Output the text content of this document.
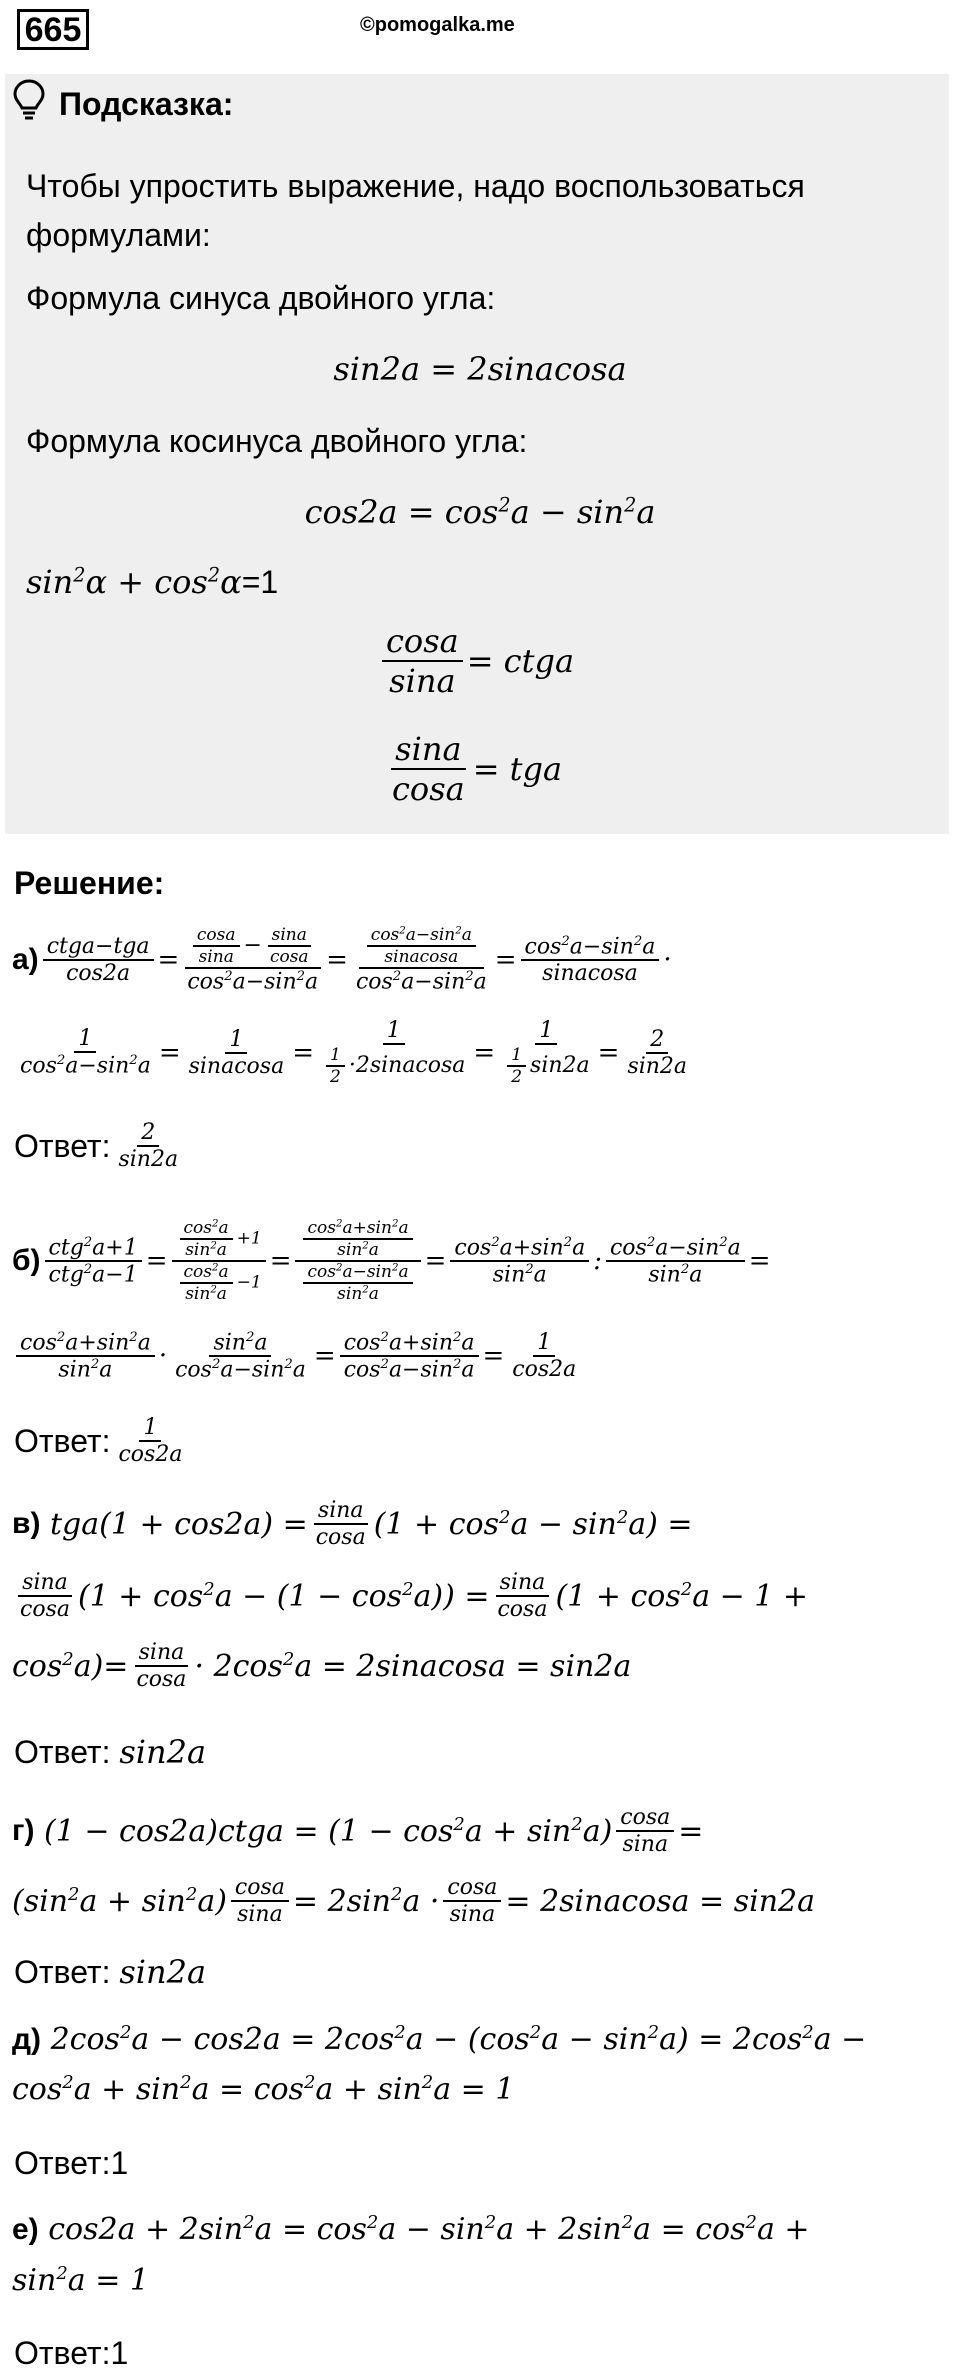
665	©pomogalka.me
Подсказка:
Чтобы упростить выражение, надо воспользоваться
формулами:
Формула синуса двойного угла:
sin2a = 2sinacosa
Формула косинуса двойного угла:
$\cos 2a = \cos^2a - \sin^2a$
$\sin^2\alpha + \cos^2\alpha=1$
$\frac{\cos a}{\sin a}$ = ctga
$\frac{\sin a}{\cos a}$ = tga
Решение:
$а) \frac{\text{ctga−tga}}{\cos 2a} = \frac{\frac{\cos a}{\sin a} - \frac{\sin a}{\cos a}}{\cos^2a-\sin^2a} = \frac{\frac{\cos^2a-\sin^2a}{\text{sinacosa}}}{\cos^2a-\sin^2a} = \frac{\cos^2a-\sin^2a}{\text{sinacosa}}$ ·
$\frac{1}{\cos^2a-\sin^2a} = \frac{1}{\text{sinacosa}} = \frac{1}{\frac{1}{2} \cdot 2sinacosa} = \frac{1}{\frac{1}{2} \sin 2a} = \frac{2}{\sin 2a}$
Ответ: $\frac{2}{\sin 2a}$
$б) \frac{ctg^2a+1}{ctg^2a-1} = \frac{\frac{\cos^2a}{\sin^2a} +1}{\frac{\cos^2a}{\sin^2a} -1} = \frac{\frac{\cos^2a+\sin^2a}{\sin^2a}}{\frac{\cos^2a-\sin^2a}{\sin^2a}} = \frac{\cos^2a+\sin^2a}{\sin^2a}$ : $\frac{\cos^2a-\sin^2a}{\sin^2a}$ =
$\frac{\cos^2a+\sin^2a}{\sin^2a} \cdot \frac{\sin^2a}{\cos^2a-\sin^2a} = \frac{\cos^2a+\sin^2a}{\cos^2a-\sin^2a} = \frac{1}{\cos 2a}$
Ответ: $\frac{1}{\cos 2a}$
в) $tga(1 + \cos 2a) = \frac{\sin a}{\cos a} (1 + \cos^2a - \sin^2a)$ =
$\frac{\sin a}{\cos a} (1 + \cos^2a - (1 - \cos^2a)) = \frac{\sin a}{\cos a} (1 + \cos^2a - 1$ +
$\cos^2a)= \frac{\sin a}{\cos a} \cdot 2\cos^2a$ = 2sinacosa = sin2a
Ответ:
sin2a
г) (1 − cos2a)ctga = $(1 - \cos^2a + \sin^2a) \frac{\cos a}{\sin a}$ =
$(\sin^2a + \sin^2a) \frac{\cos a}{\sin a} = 2\sin^2a \cdot \frac{\cos a}{\sin a}$ = 2sinacosa = sin2a
Ответ:
sin2a
д) $2\cos^2a - \cos 2a = 2\cos^2a - (\cos^2a - \sin^2a) = 2\cos^2a$ −
$\cos^2a + \sin^2a = \cos^2a + \sin^2a = 1$
Ответ:1
е) $\cos 2a + 2\sin^2a = \cos^2a - \sin^2a + 2\sin^2a = \cos^2a$ +
$\sin^2a = 1$
Ответ:1
